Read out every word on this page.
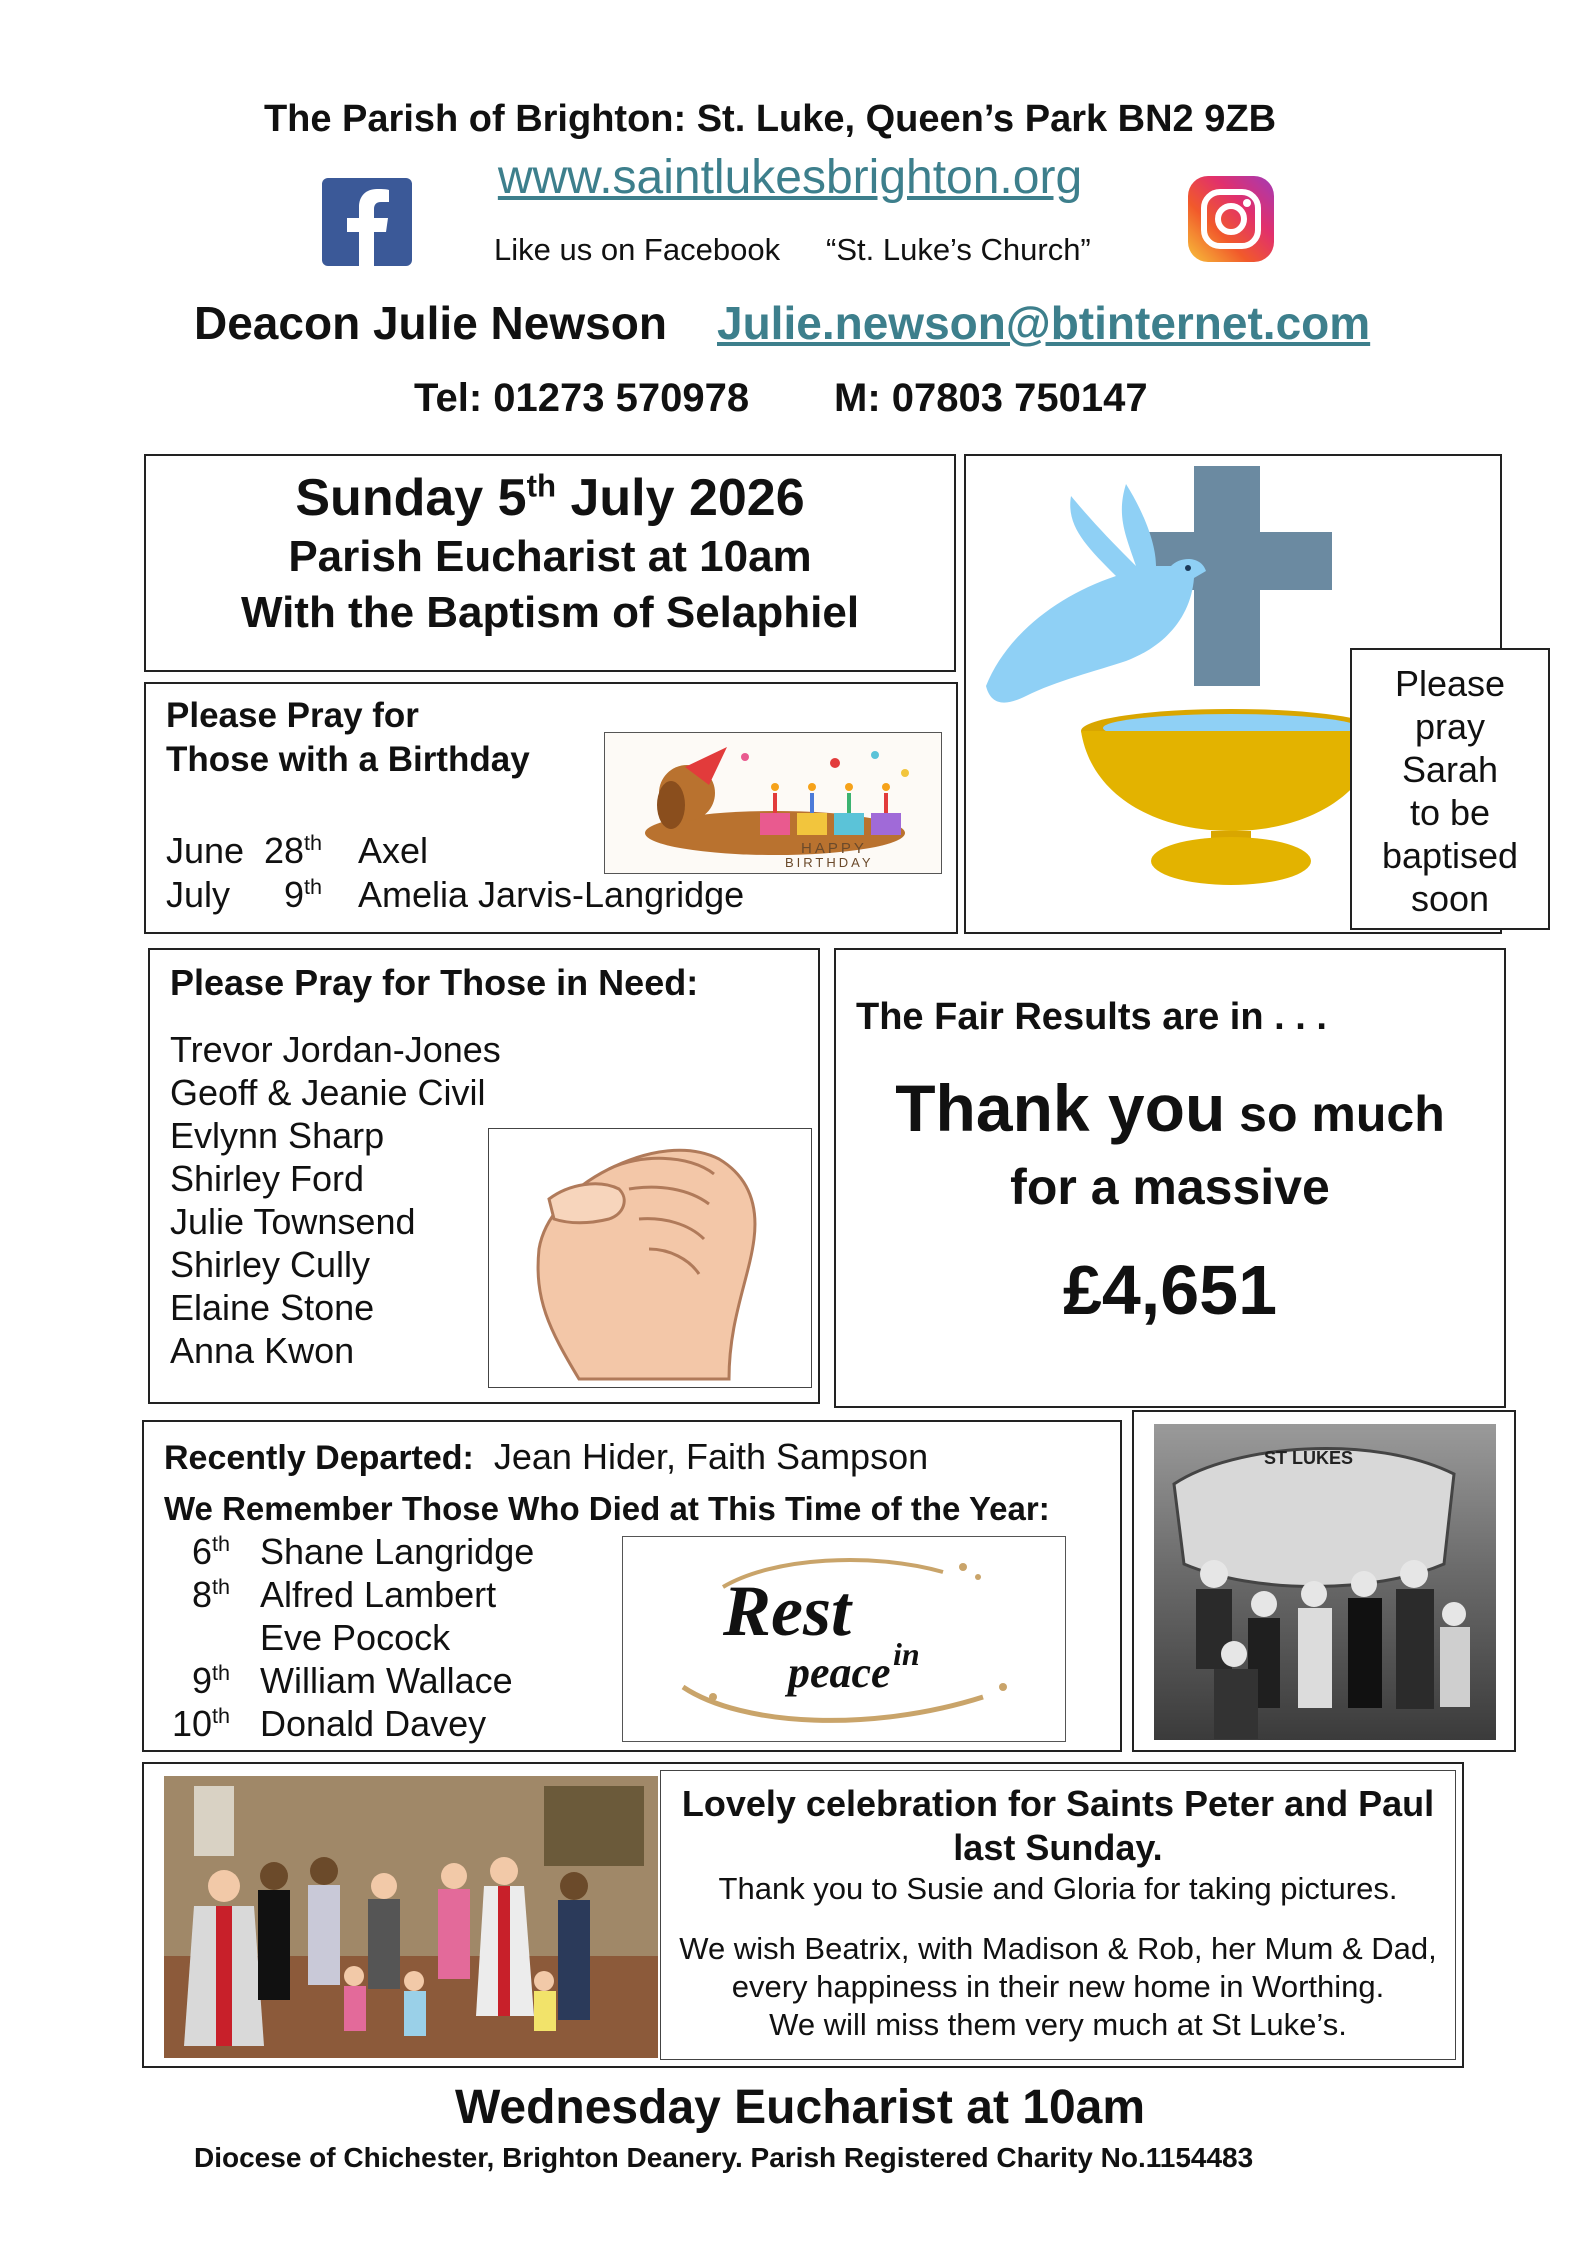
The Parish of Brighton: St. Luke, Queen’s Park BN2 9ZB
www.saintlukesbrighton.org
Like us on Facebook “St. Luke’s Church”
Deacon Julie Newson Julie.newson@btinternet.com
Tel: 01273 570978 M: 07803 750147
Sunday 5th July 2026
Parish Eucharist at 10am
With the Baptism of Selaphiel
Please
pray
Sarah
to be
baptised
soon
Please Pray for
Those with a Birthday
HAPPY
BIRTHDAY
June 28th Axel
July 9th Amelia Jarvis-Langridge
Please Pray for Those in Need:
Trevor Jordan-Jones
Geoff & Jeanie Civil
Evlynn Sharp
Shirley Ford
Julie Townsend
Shirley Cully
Elaine Stone
Anna Kwon
The Fair Results are in . . .
Thank you so much
for a massive
£4,651
Recently Departed: Jean Hider, Faith Sampson
We Remember Those Who Died at This Time of the Year:
6th Shane Langridge
8th Alfred Lambert
Eve Pocock
9th William Wallace
10th Donald Davey
Rest
in
peace
ST LUKES
Lovely celebration for Saints Peter and Paul
last Sunday.
Thank you to Susie and Gloria for taking pictures.
We wish Beatrix, with Madison & Rob, her Mum & Dad,
every happiness in their new home in Worthing.
We will miss them very much at St Luke’s.
Wednesday Eucharist at 10am
Diocese of Chichester, Brighton Deanery. Parish Registered Charity No.1154483
